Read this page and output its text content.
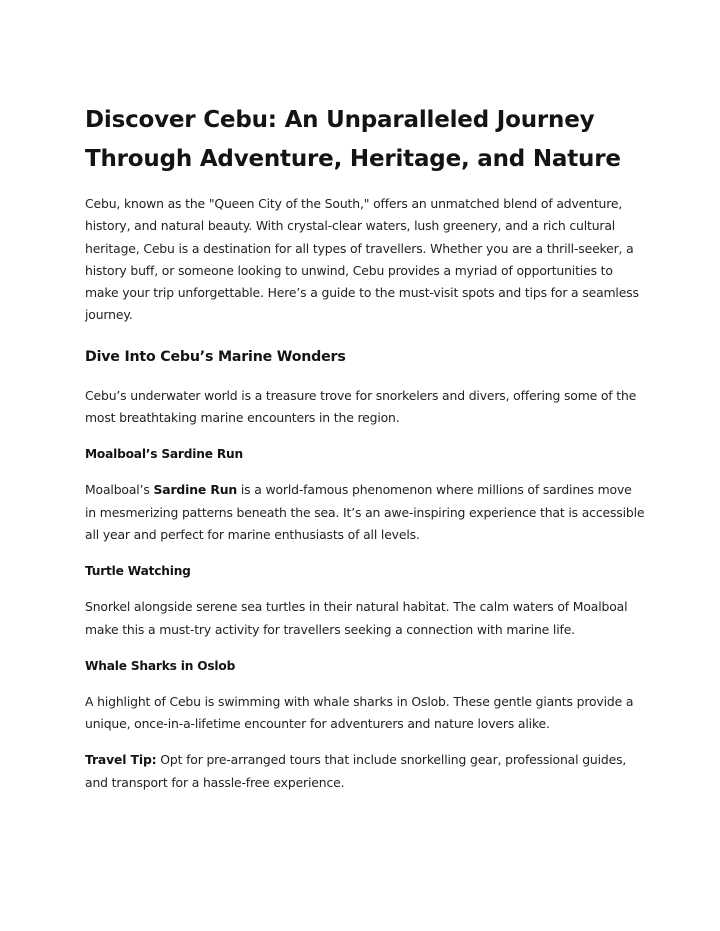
Discover Cebu: An Unparalleled Journey
Through Adventure, Heritage, and Nature

Cebu, known as the "Queen City of the South," offers an unmatched blend of adventure, history, and natural beauty. With crystal-clear waters, lush greenery, and a rich cultural heritage, Cebu is a destination for all types of travellers. Whether you are a thrill-seeker, a history buff, or someone looking to unwind, Cebu provides a myriad of opportunities to make your trip unforgettable. Here’s a guide to the must-visit spots and tips for a seamless journey.

Dive Into Cebu’s Marine Wonders

Cebu’s underwater world is a treasure trove for snorkelers and divers, offering some of the most breathtaking marine encounters in the region.

Moalboal’s Sardine Run

Moalboal’s Sardine Run is a world-famous phenomenon where millions of sardines move in mesmerizing patterns beneath the sea. It’s an awe-inspiring experience that is accessible all year and perfect for marine enthusiasts of all levels.

Turtle Watching

Snorkel alongside serene sea turtles in their natural habitat. The calm waters of Moalboal make this a must-try activity for travellers seeking a connection with marine life.

Whale Sharks in Oslob

A highlight of Cebu is swimming with whale sharks in Oslob. These gentle giants provide a unique, once-in-a-lifetime encounter for adventurers and nature lovers alike.

Travel Tip: Opt for pre-arranged tours that include snorkelling gear, professional guides, and transport for a hassle-free experience.
